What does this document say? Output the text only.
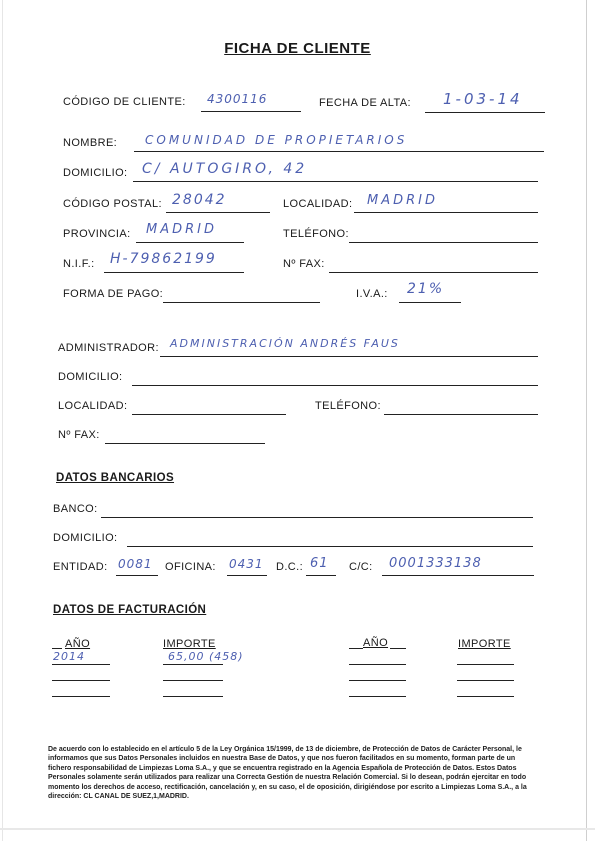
FICHA DE CLIENTE
CÓDIGO DE CLIENTE: 4300116	FECHA DE ALTA: 1-03-14
NOMBRE: COMUNIDAD DE PROPIETARIOS
DOMICILIO: C/ AUTOGIRO, 42
CÓDIGO POSTAL: 28042	LOCALIDAD: MADRID
PROVINCIA: MADRID	TELÉFONO:
N.I.F.: H-79862199	Nº FAX:
FORMA DE PAGO:	I.V.A.: 21%
ADMINISTRADOR: ADMINISTRACIÓN ANDRÉS FAUS
DOMICILIO:
LOCALIDAD:	TELÉFONO:
Nº FAX:
DATOS BANCARIOS
BANCO:
DOMICILIO:
ENTIDAD: 0081 OFICINA: 0431 D.C.: 61 C/C: 0001333138
DATOS DE FACTURACIÓN
AÑO	IMPORTE	AÑO	IMPORTE
2014	65,00 (458)
De acuerdo con lo establecido en el artículo 5 de la Ley Orgánica 15/1999, de 13 de diciembre, de Protección de Datos de Carácter Personal, le
informamos que sus Datos Personales incluidos en nuestra Base de Datos, y que nos fueron facilitados en su momento, forman parte de un
fichero responsabilidad de Limpiezas Loma S.A., y que se encuentra registrado en la Agencia Española de Protección de Datos. Estos Datos
Personales solamente serán utilizados para realizar una Correcta Gestión de nuestra Relación Comercial. Si lo desean, podrán ejercitar en todo
momento los derechos de acceso, rectificación, cancelación y, en su caso, el de oposición, dirigiéndose por escrito a Limpiezas Loma S.A., a la
dirección: CL CANAL DE SUEZ,1,MADRID.
